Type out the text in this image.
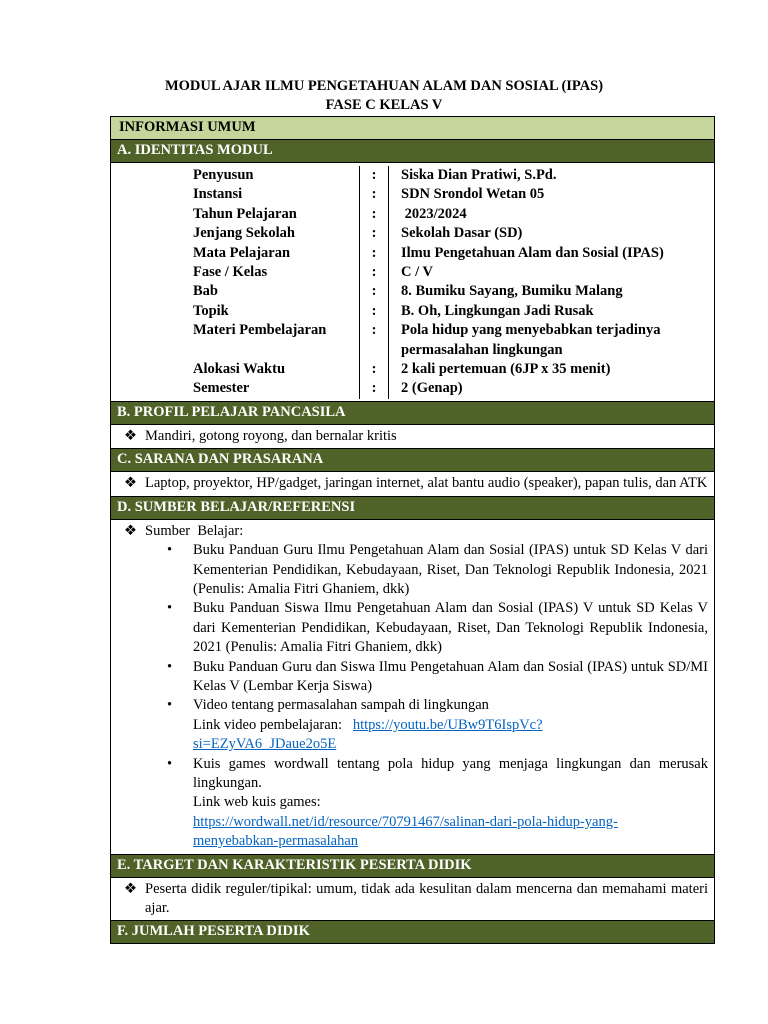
MODUL AJAR ILMU PENGETAHUAN ALAM DAN SOSIAL (IPAS)
FASE C KELAS V
INFORMASI UMUM
A. IDENTITAS MODUL
Penyusun	:	Siska Dian Pratiwi, S.Pd.
Instansi	:	SDN Srondol Wetan 05
Tahun Pelajaran	:	2023/2024
Jenjang Sekolah	:	Sekolah Dasar (SD)
Mata Pelajaran	:	Ilmu Pengetahuan Alam dan Sosial (IPAS)
Fase / Kelas	:	C / V
Bab	:	8. Bumiku Sayang, Bumiku Malang
Topik	:	B. Oh, Lingkungan Jadi Rusak
Materi Pembelajaran	:	Pola hidup yang menyebabkan terjadinya
permasalahan lingkungan
Alokasi Waktu	:	2 kali pertemuan (6JP x 35 menit)
Semester	:	2 (Genap)
B. PROFIL PELAJAR PANCASILA
❖ Mandiri, gotong royong, dan bernalar kritis
C. SARANA DAN PRASARANA
❖ Laptop, proyektor, HP/gadget, jaringan internet, alat bantu audio (speaker), papan tulis, dan ATK
D. SUMBER BELAJAR/REFERENSI
❖ Sumber  Belajar:
•	Buku Panduan Guru Ilmu Pengetahuan Alam dan Sosial (IPAS) untuk SD Kelas V dari Kementerian Pendidikan, Kebudayaan, Riset, Dan Teknologi Republik Indonesia, 2021 (Penulis: Amalia Fitri Ghaniem, dkk)
•	Buku Panduan Siswa Ilmu Pengetahuan Alam dan Sosial (IPAS) V untuk SD Kelas V dari Kementerian Pendidikan, Kebudayaan, Riset, Dan Teknologi Republik Indonesia, 2021 (Penulis: Amalia Fitri Ghaniem, dkk)
•	Buku Panduan Guru dan Siswa Ilmu Pengetahuan Alam dan Sosial (IPAS) untuk SD/MI Kelas V (Lembar Kerja Siswa)
•	Video tentang permasalahan sampah di lingkungan
Link video pembelajaran: https://youtu.be/UBw9T6IspVc?
si=EZyVA6_JDaue2o5E
•	Kuis games wordwall tentang pola hidup yang menjaga lingkungan dan merusak lingkungan.
Link web kuis games:
https://wordwall.net/id/resource/70791467/salinan-dari-pola-hidup-yang-
menyebabkan-permasalahan
E. TARGET DAN KARAKTERISTIK PESERTA DIDIK
❖ Peserta didik reguler/tipikal: umum, tidak ada kesulitan dalam mencerna dan memahami materi ajar.
F. JUMLAH PESERTA DIDIK
